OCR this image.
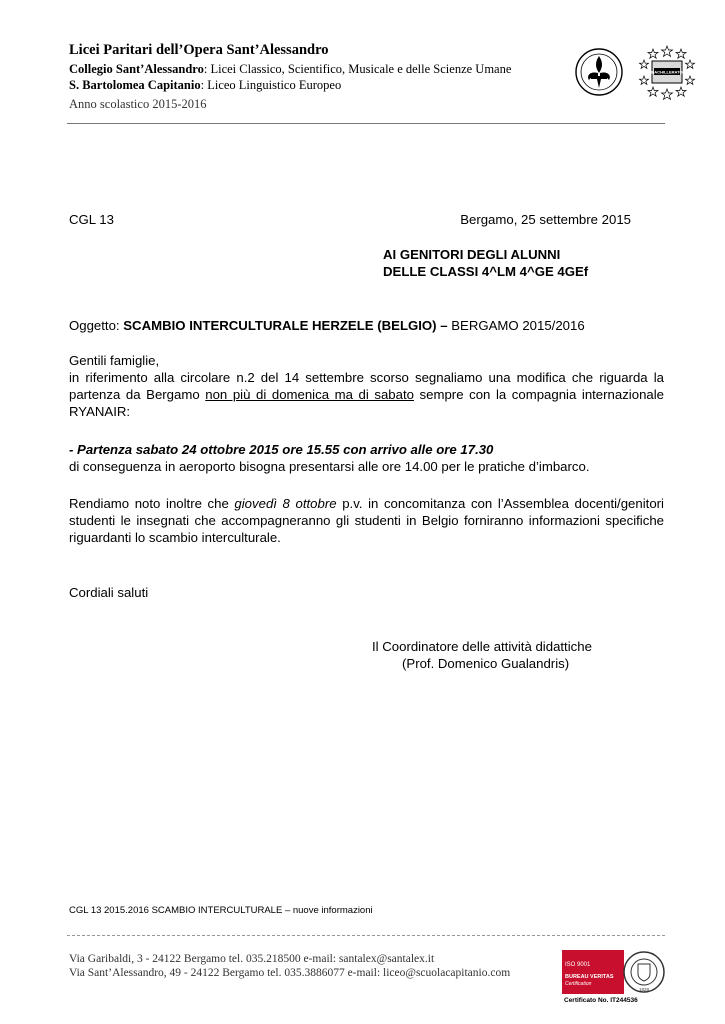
Licei Paritari dell’Opera Sant’Alessandro
Collegio Sant’Alessandro: Licei Classico, Scientifico, Musicale e delle Scienze Umane
S. Bartolomea Capitanio: Liceo Linguistico Europeo
Anno scolastico 2015-2016
BACHILLERATO
CGL 13	Bergamo, 25 settembre 2015
AI GENITORI DEGLI ALUNNI
DELLE CLASSI 4^LM 4^GE 4GEf
Oggetto: SCAMBIO INTERCULTURALE HERZELE (BELGIO) – BERGAMO 2015/2016
Gentili famiglie,
in riferimento alla circolare n.2 del 14 settembre scorso segnaliamo una modifica che riguarda la partenza da Bergamo non più di domenica ma di sabato sempre con la compagnia internazionale RYANAIR:
- Partenza sabato 24 ottobre 2015 ore 15.55 con arrivo alle ore 17.30
di conseguenza in aeroporto bisogna presentarsi alle ore 14.00 per le pratiche d’imbarco.
Rendiamo noto inoltre che giovedì 8 ottobre p.v. in concomitanza con l’Assemblea docenti/genitori studenti le insegnati che accompagneranno gli studenti in Belgio forniranno informazioni specifiche riguardanti lo scambio interculturale.
Cordiali saluti
Il Coordinatore delle attività didattiche
(Prof. Domenico Gualandris)
CGL 13 2015.2016 SCAMBIO INTERCULTURALE – nuove informazioni
Via Garibaldi, 3 - 24122 Bergamo tel. 035.218500 e-mail: santalex@santalex.it
Via Sant’Alessandro, 49 - 24122 Bergamo tel. 035.3886077 e-mail: liceo@scuolacapitanio.com
ISO 9001
BUREAU VERITAS
Certification
1828
Certificato No. IT244536
